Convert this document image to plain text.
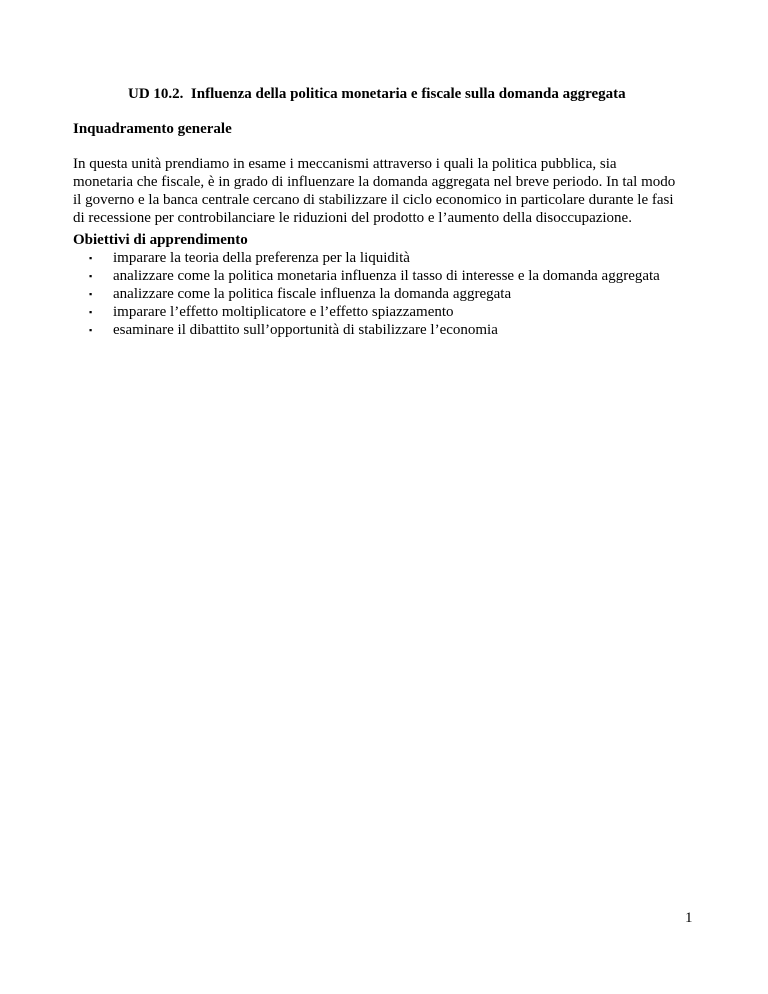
UD 10.2.  Influenza della politica monetaria e fiscale sulla domanda aggregata
Inquadramento generale
In questa unità prendiamo in esame i meccanismi attraverso i quali la politica pubblica, sia
monetaria che fiscale, è in grado di influenzare la domanda aggregata nel breve periodo. In tal modo
il governo e la banca centrale cercano di stabilizzare il ciclo economico in particolare durante le fasi
di recessione per controbilanciare le riduzioni del prodotto e l’aumento della disoccupazione.
Obiettivi di apprendimento

▪

imparare la teoria della preferenza per la liquidità

▪

analizzare come la politica monetaria influenza il tasso di interesse e la domanda aggregata

▪

analizzare come la politica fiscale influenza la domanda aggregata

▪

imparare l’effetto moltiplicatore e l’effetto spiazzamento

▪

esaminare il dibattito sull’opportunità di stabilizzare l’economia

1
